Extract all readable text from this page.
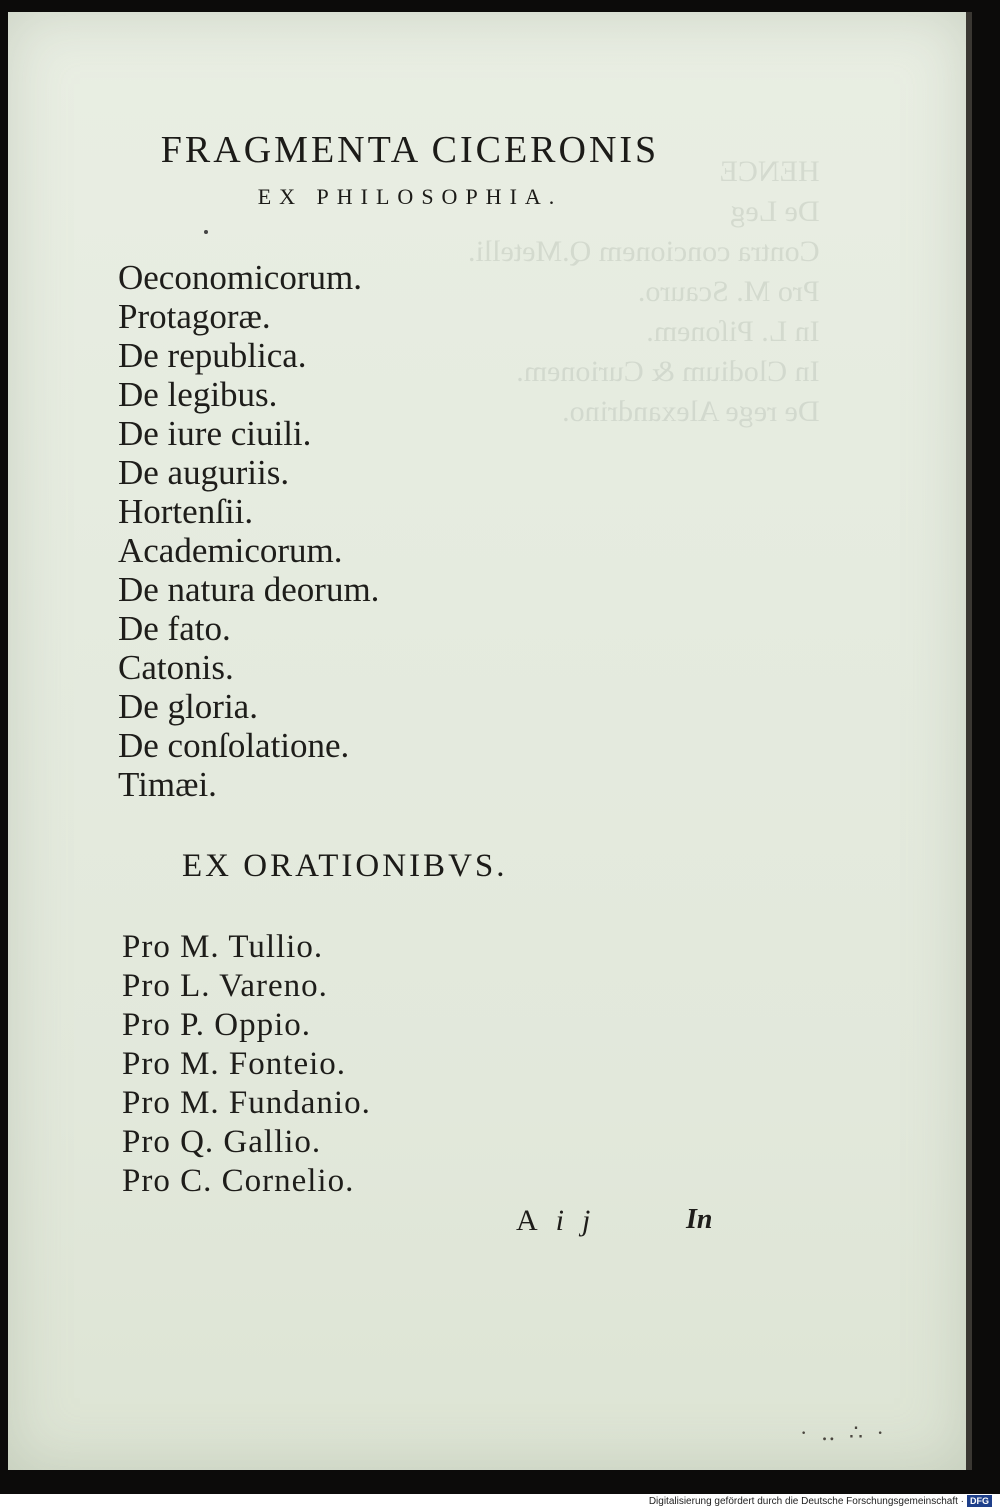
HENCE
De Leg
Contra concionem Q.Metelli.
Pro M. Scauro.
In L. Piſonem.
In Clodium & Curionem.
De rege Alexandrino.
FRAGMENTA CICERONIS
EX PHILOSOPHIA.
Oeconomicorum.
Protagoræ.
De republica.
De legibus.
De iure ciuili.
De auguriis.
Hortenſii.
Academicorum.
De natura deorum.
De fato.
Catonis.
De gloria.
De conſolatione.
Timæi.
EX ORATIONIBVS.
Pro M. Tullio.
Pro L. Vareno.
Pro P. Oppio.
Pro M. Fonteio.
Pro M. Fundanio.
Pro Q. Gallio.
Pro C. Cornelio.
Aij	In
· ‥ ∴ ·
Digitalisierung gefördert durch die Deutsche Forschungsgemeinschaft · DFG
